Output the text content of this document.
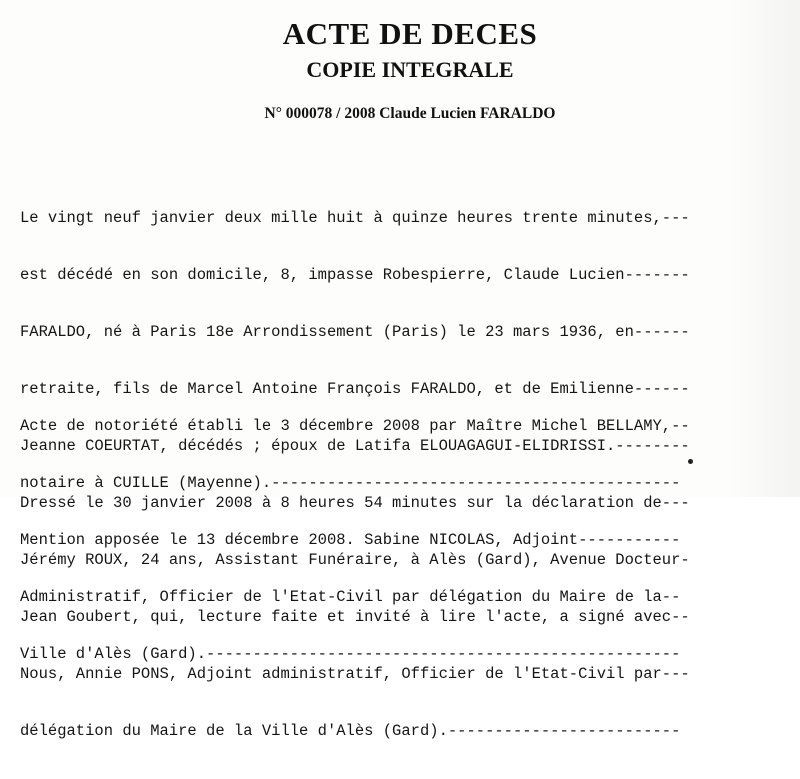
ACTE DE DECES
COPIE INTEGRALE
N° 000078 / 2008 Claude Lucien FARALDO

Le vingt neuf janvier deux mille huit à quinze heures trente minutes,---

est décédé en son domicile, 8, impasse Robespierre, Claude Lucien-------

FARALDO, né à Paris 18e Arrondissement (Paris) le 23 mars 1936, en------

retraite, fils de Marcel Antoine François FARALDO, et de Emilienne------

Jeanne COEURTAT, décédés ; époux de Latifa ELOUAGAGUI-ELIDRISSI.--------

Dressé le 30 janvier 2008 à 8 heures 54 minutes sur la déclaration de---

Jérémy ROUX, 24 ans, Assistant Funéraire, à Alès (Gard), Avenue Docteur-

Jean Goubert, qui, lecture faite et invité à lire l'acte, a signé avec--

Nous, Annie PONS, Adjoint administratif, Officier de l'Etat-Civil par---

délégation du Maire de la Ville d'Alès (Gard).-------------------------

Acte de notoriété établi le 3 décembre 2008 par Maître Michel BELLAMY,--

notaire à CUILLE (Mayenne).--------------------------------------------

Mention apposée le 13 décembre 2008. Sabine NICOLAS, Adjoint-----------

Administratif, Officier de l'Etat-Civil par délégation du Maire de la--

Ville d'Alès (Gard).---------------------------------------------------
